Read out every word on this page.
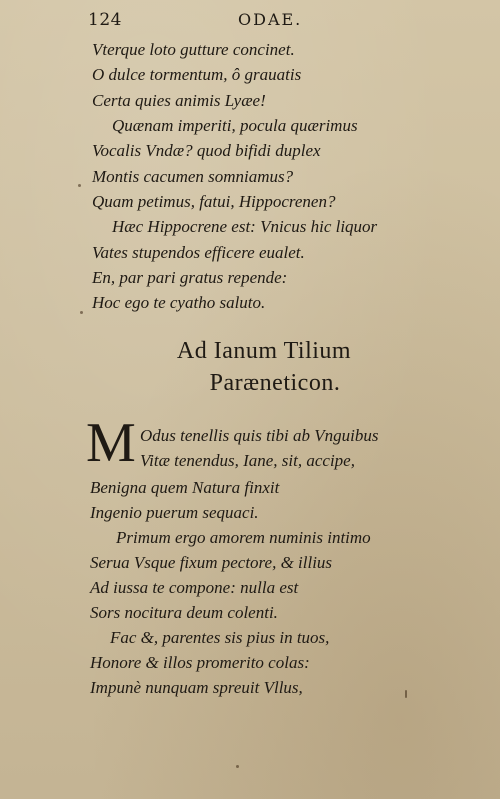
124	ODAE.
Vterque loto gutture concinet.
O dulce tormentum, ô grauatis
Certa quies animis Lyæe!
Quænam imperiti, pocula quærimus
Vocalis Vndæ? quod bifidi duplex
Montis cacumen somniamus?
Quam petimus, fatui, Hippocrenen?
Hæc Hippocrene est: Vnicus hic liquor
Vates stupendos efficere eualet.
En, par pari gratus repende:
Hoc ego te cyatho saluto.
Ad Ianum Tilium
Parænеticon.
M Odus tenellis quis tibi ab Vnguibus
Vitæ tenendus, Iane, sit, accipe,
Benigna quem Natura finxit
Ingenio puerum sequaci.
Primum ergo amorem numinis intimo
Serua Vsque fixum pectore, & illius
Ad iussa te compone: nulla est
Sors nocitura deum colenti.
Fac &, parentes sis pius in tuos,
Honore & illos promerito colas:
Impunè nunquam spreuit Vllus,
